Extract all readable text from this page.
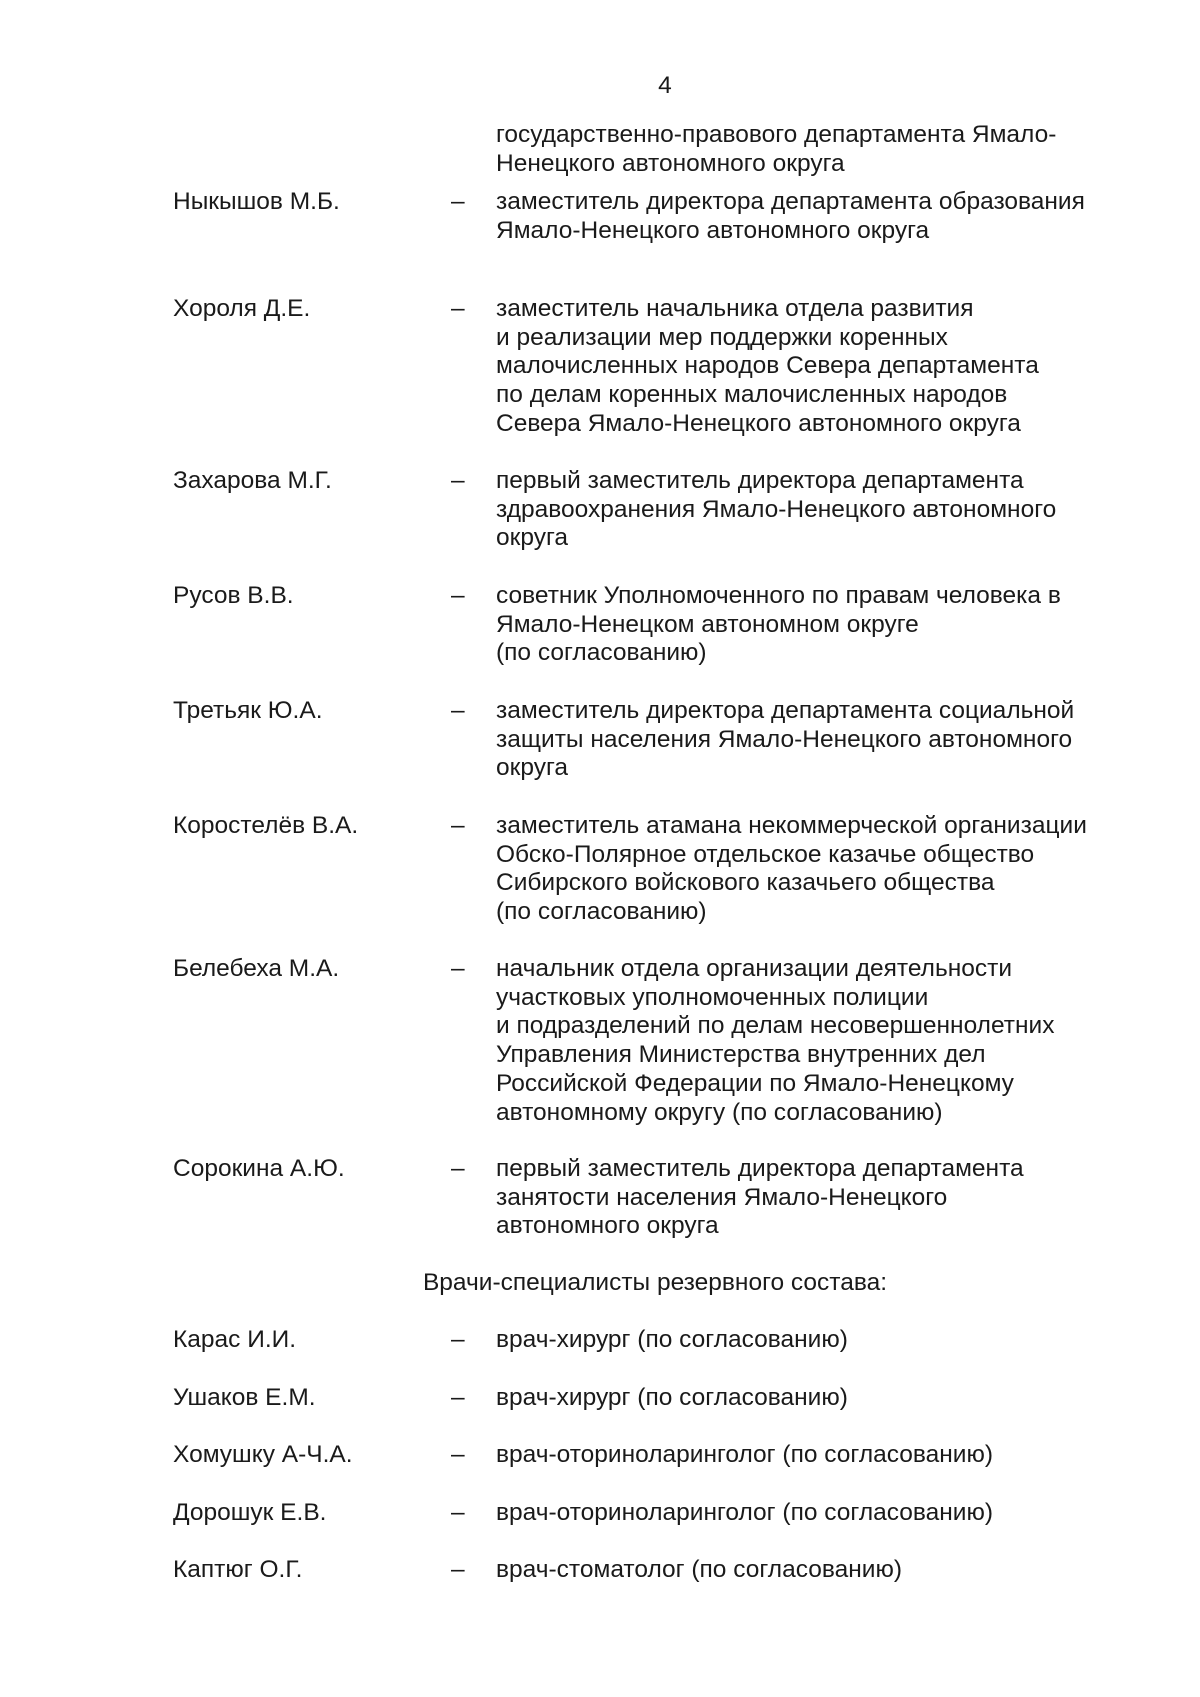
4

государственно-правового департамента Ямало-
Ненецкого автономного округа

Ныкышов М.Б.	– заместитель директора департамента образования
Ямало-Ненецкого автономного округа
Хороля Д.Е.	– заместитель начальника отдела развития
и реализации мер поддержки коренных
малочисленных народов Севера департамента
по делам коренных малочисленных народов
Севера Ямало-Ненецкого автономного округа
Захарова М.Г.	– первый заместитель директора департамента
здравоохранения Ямало-Ненецкого автономного
округа
Русов В.В.	– советник Уполномоченного по правам человека в
Ямало-Ненецком автономном округе
(по согласованию)
Третьяк Ю.А.	– заместитель директора департамента социальной
защиты населения Ямало-Ненецкого автономного
округа
Коростелёв В.А.	– заместитель атамана некоммерческой организации
Обско-Полярное отдельское казачье общество
Сибирского войскового казачьего общества
(по согласованию)
Белебеха М.А.	– начальник отдела организации деятельности
участковых уполномоченных полиции
и подразделений по делам несовершеннолетних
Управления Министерства внутренних дел
Российской Федерации по Ямало-Ненецкому
автономному округу (по согласованию)
Сорокина А.Ю.	– первый заместитель директора департамента
занятости населения Ямало-Ненецкого
автономного округа
Врачи-специалисты резервного состава:
Карас И.И.	– врач-хирург (по согласованию)
Ушаков Е.М.	– врач-хирург (по согласованию)
Хомушку А-Ч.А.	– врач-оториноларинголог (по согласованию)
Дорошук Е.В.	– врач-оториноларинголог (по согласованию)
Каптюг О.Г.	– врач-стоматолог (по согласованию)
